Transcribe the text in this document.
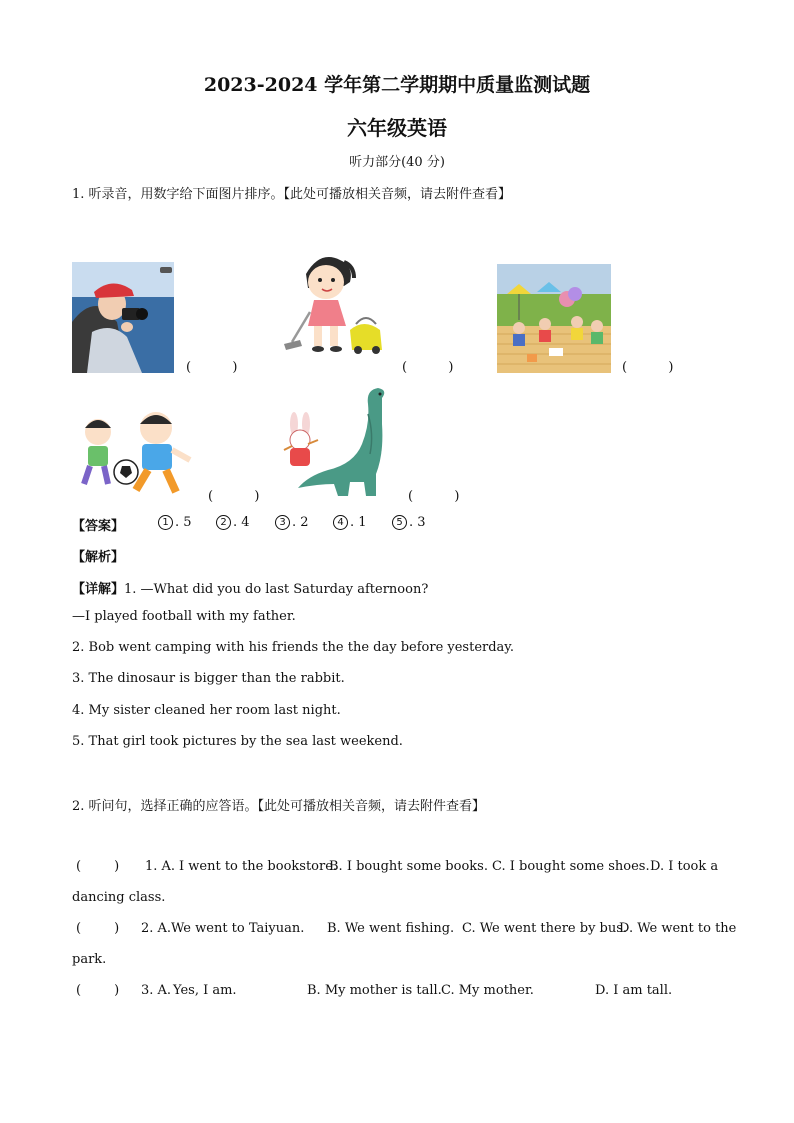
2023-2024 学年第二学期期中质量监测试题
六年级英语
听力部分(40 分)
1. 听录音，用数字给下面图片排序。【此处可播放相关音频，请去附件查看】
(          )	(          )	(          )
(          )	(          )
【答案】	1 . 5	2 . 4	3 . 2	4 . 1	5 . 3
【解析】
【详解】1. —What did you do last Saturday afternoon?
—I played football with my father.
2. Bob went camping with his friends the the day before yesterday.
3. The dinosaur is bigger than the rabbit.
4. My sister cleaned her room last night.
5. That girl took pictures by the sea last weekend.
2. 听问句，选择正确的应答语。【此处可播放相关音频，请去附件查看】
(        ) 1. A. I went to the bookstore.
B. I bought some books. C. I bought some shoes. D. I took a
dancing class.
(        ) 2. A. We went to Taiyuan. B. We went fishing. C. We went there by bus.
D. We went to the
park.
(        ) 3. A. Yes, I am.	B. My mother is tall. C. My mother.	D. I am tall.
